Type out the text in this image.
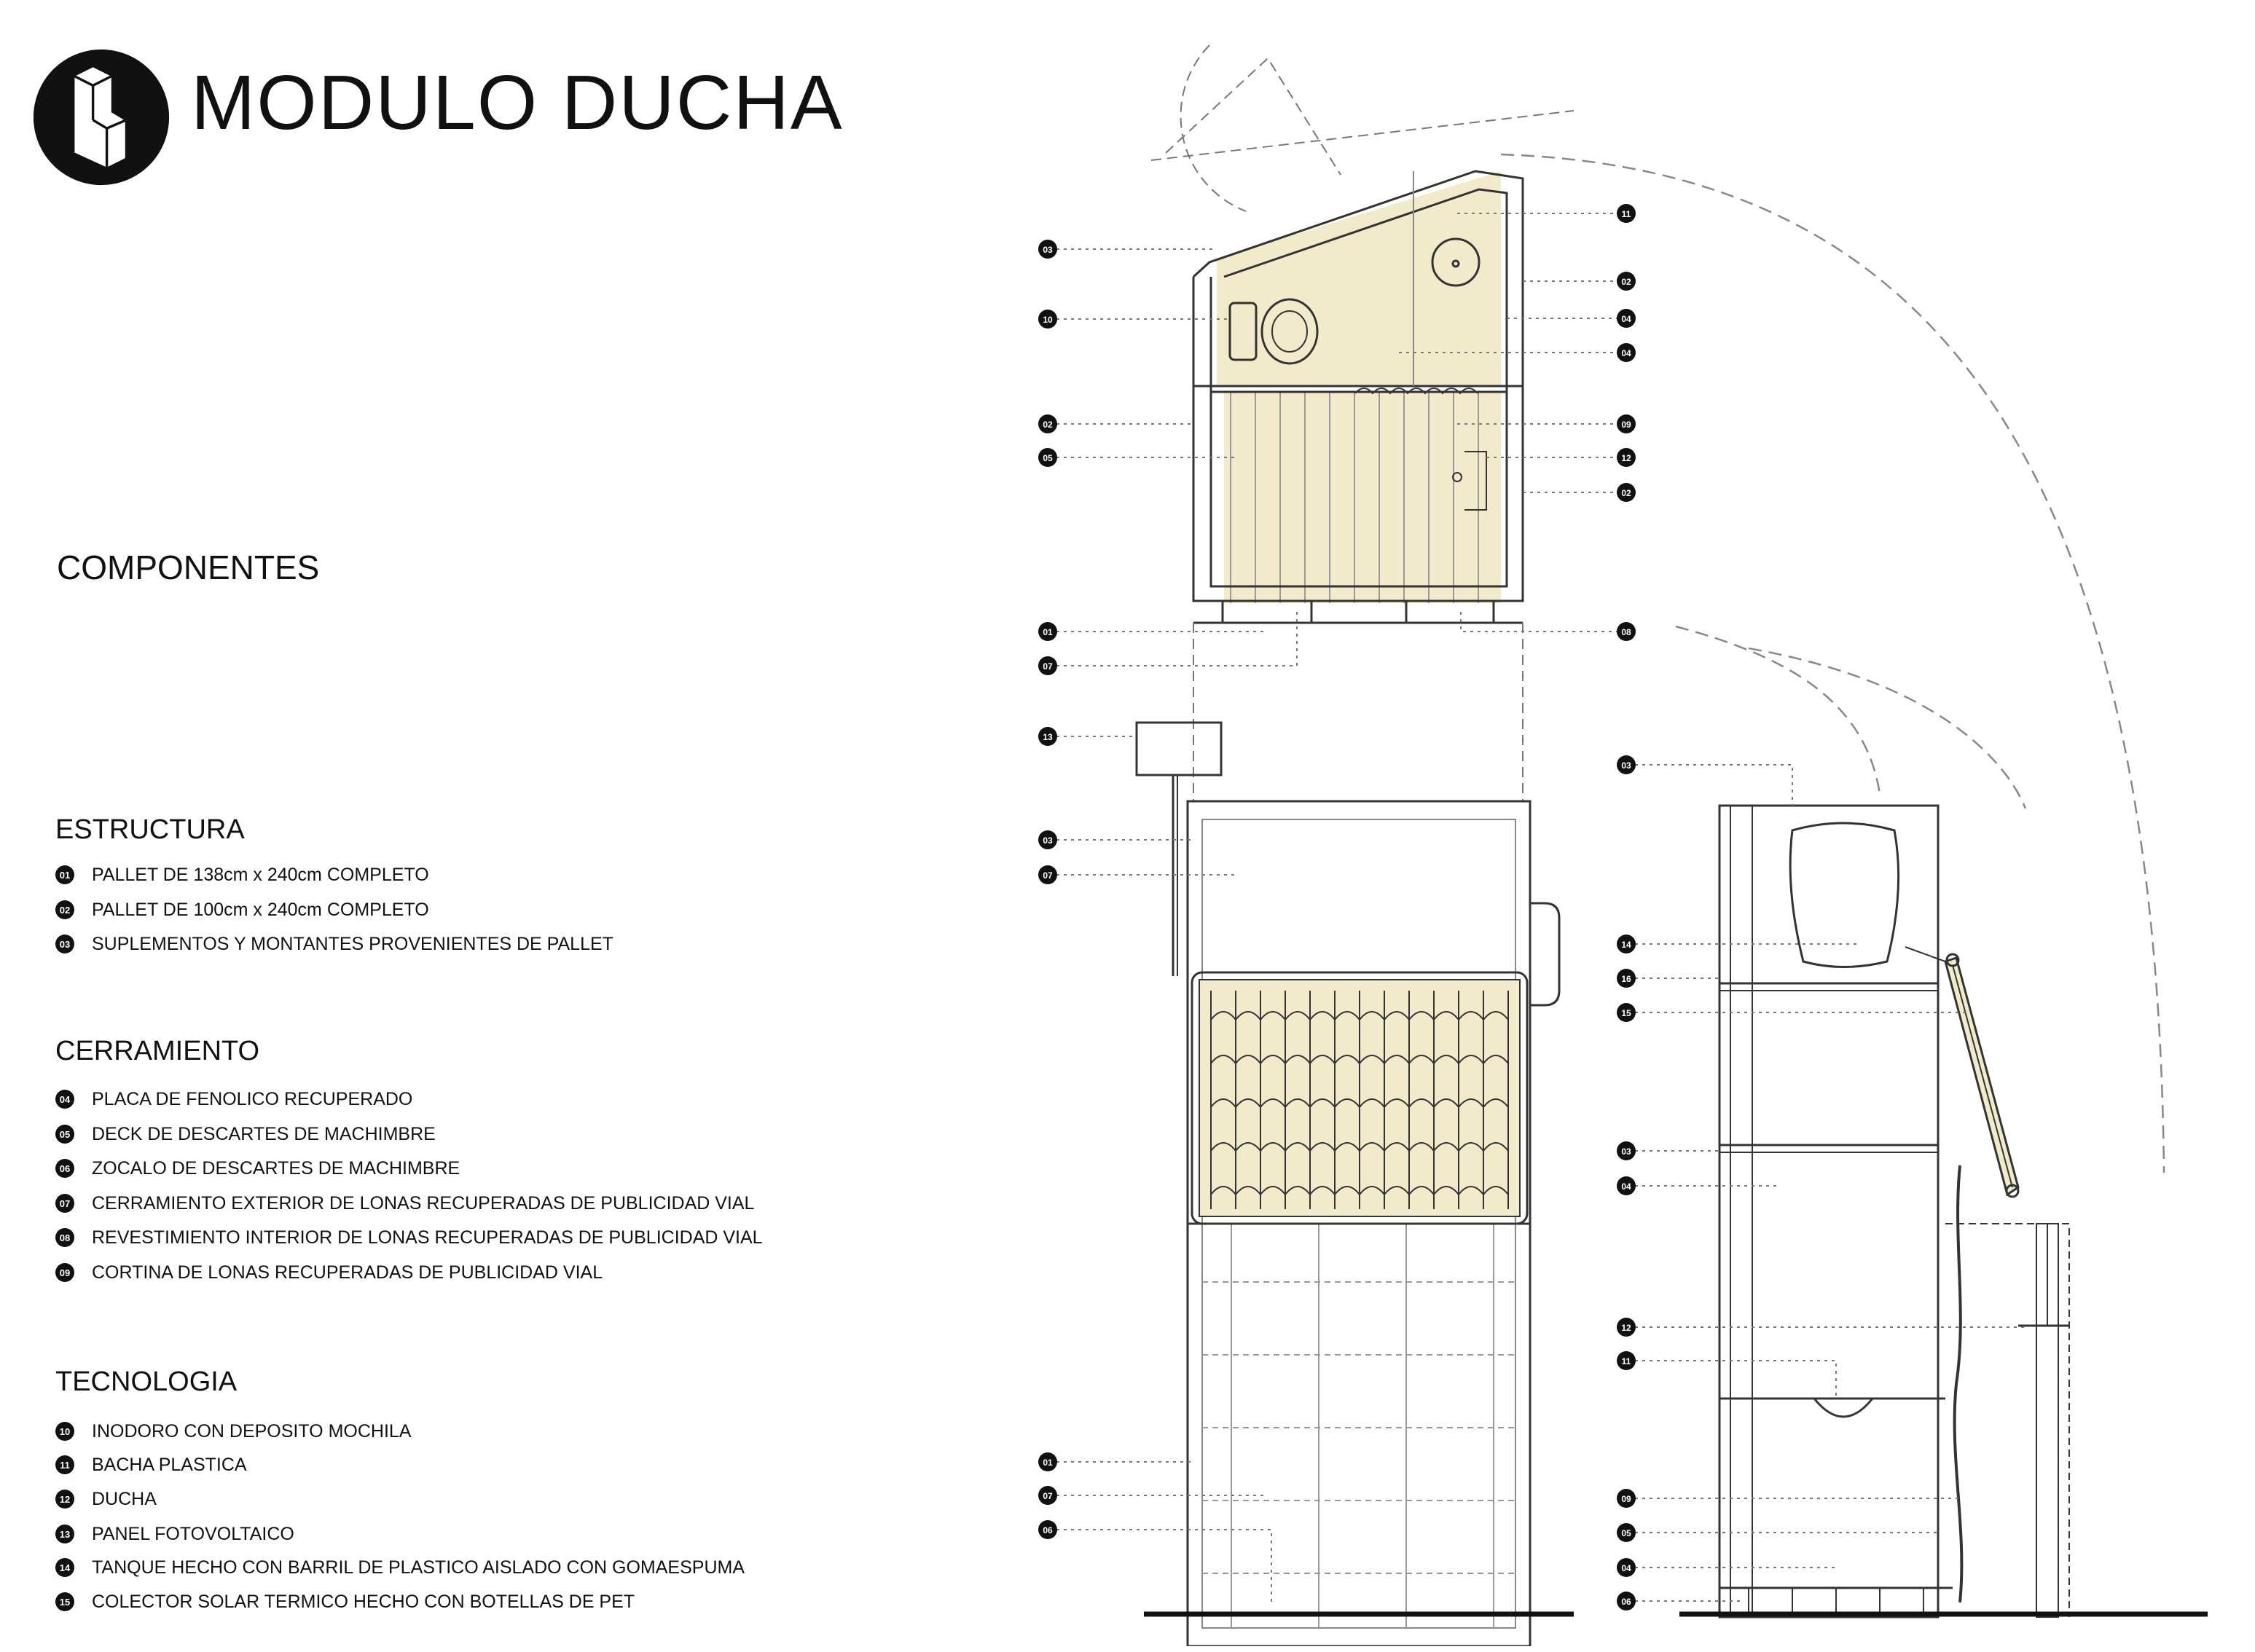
MODULO DUCHA
COMPONENTES
ESTRUCTURA
01 PALLET DE 138cm x 240cm COMPLETO
02 PALLET DE 100cm x 240cm COMPLETO
03 SUPLEMENTOS Y MONTANTES PROVENIENTES DE PALLET
CERRAMIENTO
04 PLACA DE FENOLICO RECUPERADO
05 DECK DE DESCARTES DE MACHIMBRE
06 ZOCALO DE DESCARTES DE MACHIMBRE
07 CERRAMIENTO EXTERIOR DE LONAS RECUPERADAS DE PUBLICIDAD VIAL
08 REVESTIMIENTO INTERIOR DE LONAS RECUPERADAS DE PUBLICIDAD VIAL
09 CORTINA DE LONAS RECUPERADAS DE PUBLICIDAD VIAL
TECNOLOGIA
10 INODORO CON DEPOSITO MOCHILA
11 BACHA PLASTICA
12 DUCHA
13 PANEL FOTOVOLTAICO
14 TANQUE HECHO CON BARRIL DE PLASTICO AISLADO CON GOMAESPUMA
15 COLECTOR SOLAR TERMICO HECHO CON BOTELLAS DE PET
03
10
02
05
01
07
11
02
04
04
09
12
02
08
13
03
07
01
07
06
03
14
16
15
03
04
12
11
09
05
04
06
